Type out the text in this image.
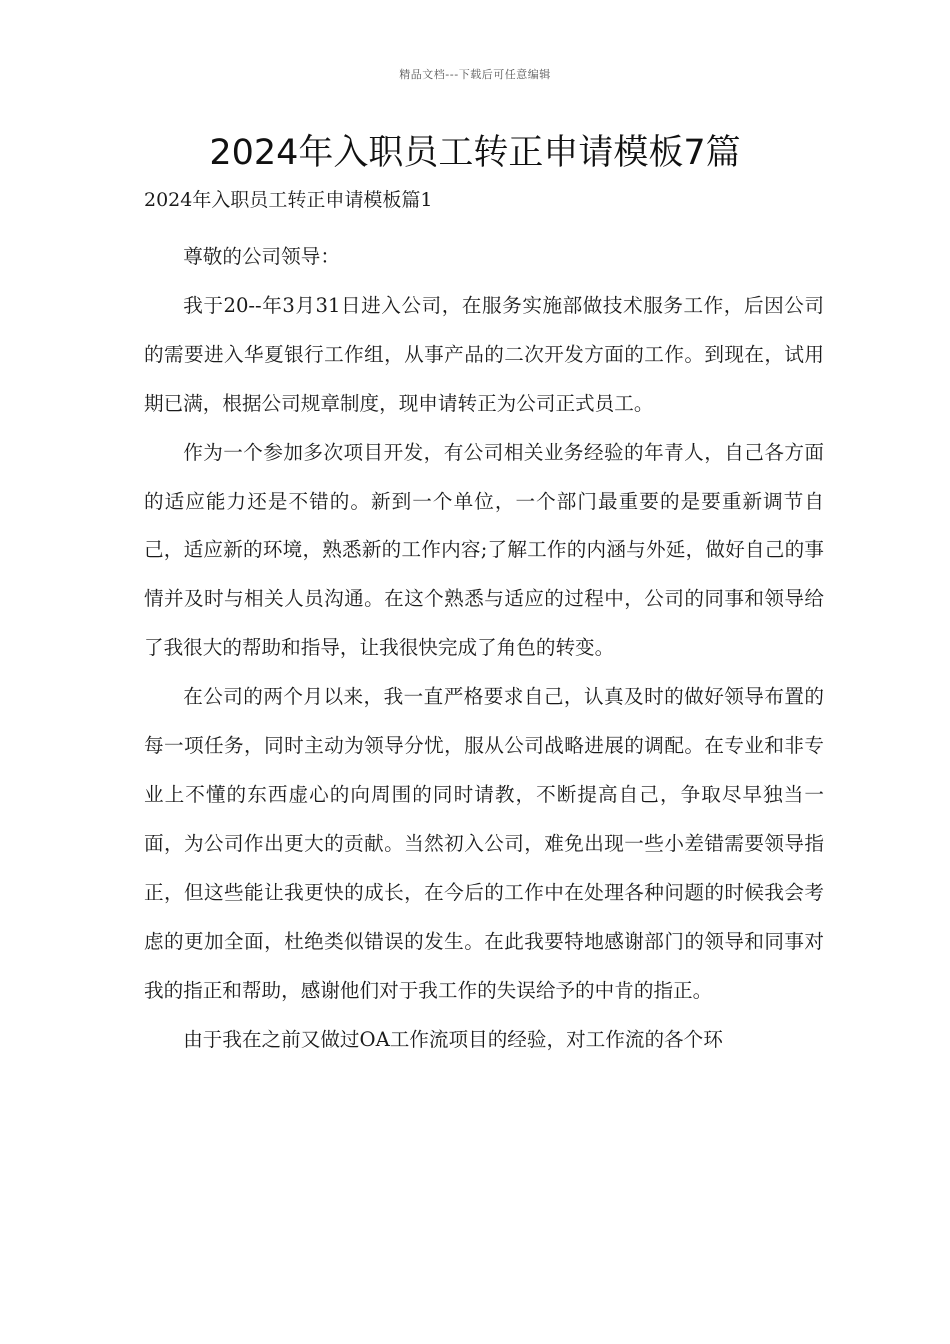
精品文档---下载后可任意编辑
2024年入职员工转正申请模板7篇
2024年入职员工转正申请模板篇1

尊敬的公司领导：

我于20--年3月31日进入公司，在服务实施部做技术服务工作，后因公司的需要进入华夏银行工作组，从事产品的二次开发方面的工作。到现在，试用期已满，根据公司规章制度，现申请转正为公司正式员工。

作为一个参加多次项目开发，有公司相关业务经验的年青人，自己各方面的适应能力还是不错的。新到一个单位，一个部门最重要的是要重新调节自己，适应新的环境，熟悉新的工作内容;了解工作的内涵与外延，做好自己的事情并及时与相关人员沟通。在这个熟悉与适应的过程中，公司的同事和领导给了我很大的帮助和指导，让我很快完成了角色的转变。

在公司的两个月以来，我一直严格要求自己，认真及时的做好领导布置的每一项任务，同时主动为领导分忧，服从公司战略进展的调配。在专业和非专业上不懂的东西虚心的向周围的同时请教，不断提高自己，争取尽早独当一面，为公司作出更大的贡献。当然初入公司，难免出现一些小差错需要领导指正，但这些能让我更快的成长，在今后的工作中在处理各种问题的时候我会考虑的更加全面，杜绝类似错误的发生。在此我要特地感谢部门的领导和同事对我的指正和帮助，感谢他们对于我工作的失误给予的中肯的指正。

由于我在之前又做过OA工作流项目的经验，对工作流的各个环
